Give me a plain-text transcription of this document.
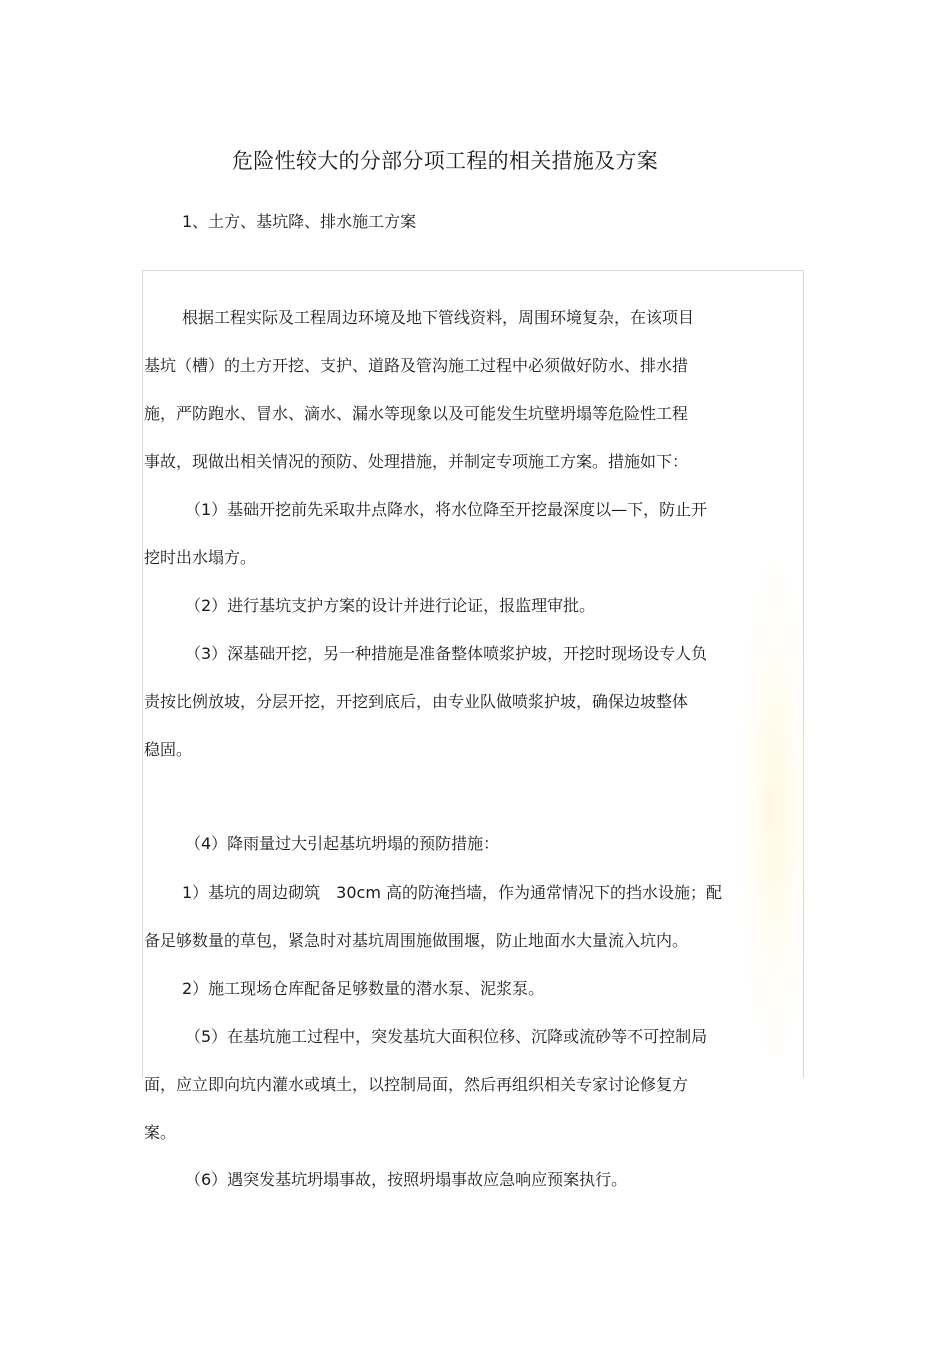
危险性较大的分部分项工程的相关措施及方案
1、土方、基坑降、排水施工方案
根据工程实际及工程周边环境及地下管线资料，周围环境复杂，在该项目
基坑（槽）的土方开挖、支护、道路及管沟施工过程中必须做好防水、排水措
施，严防跑水、冒水、滴水、漏水等现象以及可能发生坑壁坍塌等危险性工程
事故，现做出相关情况的预防、处理措施，并制定专项施工方案。措施如下：
（1）基础开挖前先采取井点降水，将水位降至开挖最深度以—下，防止开
挖时出水塌方。
（2）进行基坑支护方案的设计并进行论证，报监理审批。
（3）深基础开挖，另一种措施是准备整体喷浆护坡，开挖时现场设专人负
责按比例放坡，分层开挖，开挖到底后，由专业队做喷浆护坡，确保边坡整体
稳固。
（4）降雨量过大引起基坑坍塌的预防措施：
1）基坑的周边砌筑　30cm 高的防淹挡墙，作为通常情况下的挡水设施；配
备足够数量的草包，紧急时对基坑周围施做围堰，防止地面水大量流入坑内。
2）施工现场仓库配备足够数量的潜水泵、泥浆泵。
（5）在基坑施工过程中，突发基坑大面积位移、沉降或流砂等不可控制局
面，应立即向坑内灌水或填土，以控制局面，然后再组织相关专家讨论修复方
案。
（6）遇突发基坑坍塌事故，按照坍塌事故应急响应预案执行。
